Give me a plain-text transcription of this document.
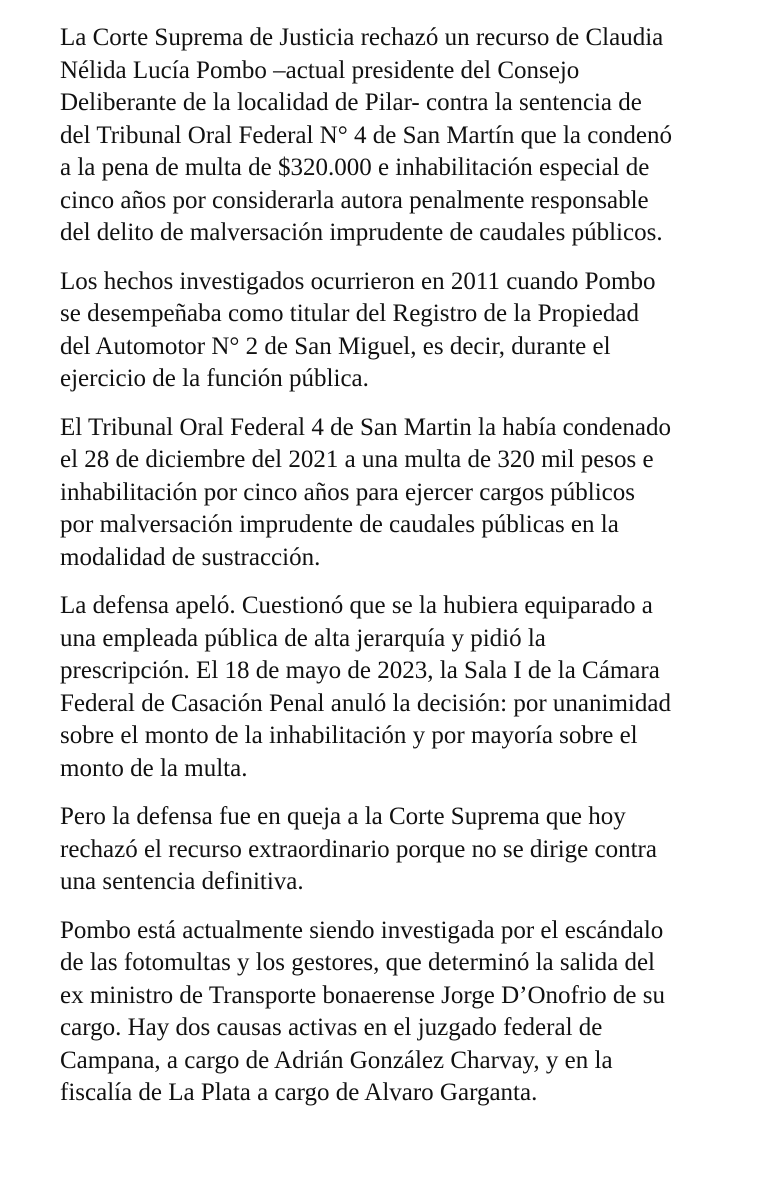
La Corte Suprema de Justicia rechazó un recurso de Claudia
Nélida Lucía Pombo –actual presidente del Consejo
Deliberante de la localidad de Pilar- contra la sentencia de
del Tribunal Oral Federal N° 4 de San Martín que la condenó
a la pena de multa de $320.000 e inhabilitación especial de
cinco años por considerarla autora penalmente responsable
del delito de malversación imprudente de caudales públicos.

Los hechos investigados ocurrieron en 2011 cuando Pombo
se desempeñaba como titular del Registro de la Propiedad
del Automotor N° 2 de San Miguel, es decir, durante el
ejercicio de la función pública.

El Tribunal Oral Federal 4 de San Martin la había condenado
el 28 de diciembre del 2021 a una multa de 320 mil pesos e
inhabilitación por cinco años para ejercer cargos públicos
por malversación imprudente de caudales públicas en la
modalidad de sustracción.

La defensa apeló. Cuestionó que se la hubiera equiparado a
una empleada pública de alta jerarquía y pidió la
prescripción. El 18 de mayo de 2023, la Sala I de la Cámara
Federal de Casación Penal anuló la decisión: por unanimidad
sobre el monto de la inhabilitación y por mayoría sobre el
monto de la multa.

Pero la defensa fue en queja a la Corte Suprema que hoy
rechazó el recurso extraordinario porque no se dirige contra
una sentencia definitiva.

Pombo está actualmente siendo investigada por el escándalo
de las fotomultas y los gestores, que determinó la salida del
ex ministro de Transporte bonaerense Jorge D’Onofrio de su
cargo. Hay dos causas activas en el juzgado federal de
Campana, a cargo de Adrián González Charvay, y en la
fiscalía de La Plata a cargo de Alvaro Garganta.
